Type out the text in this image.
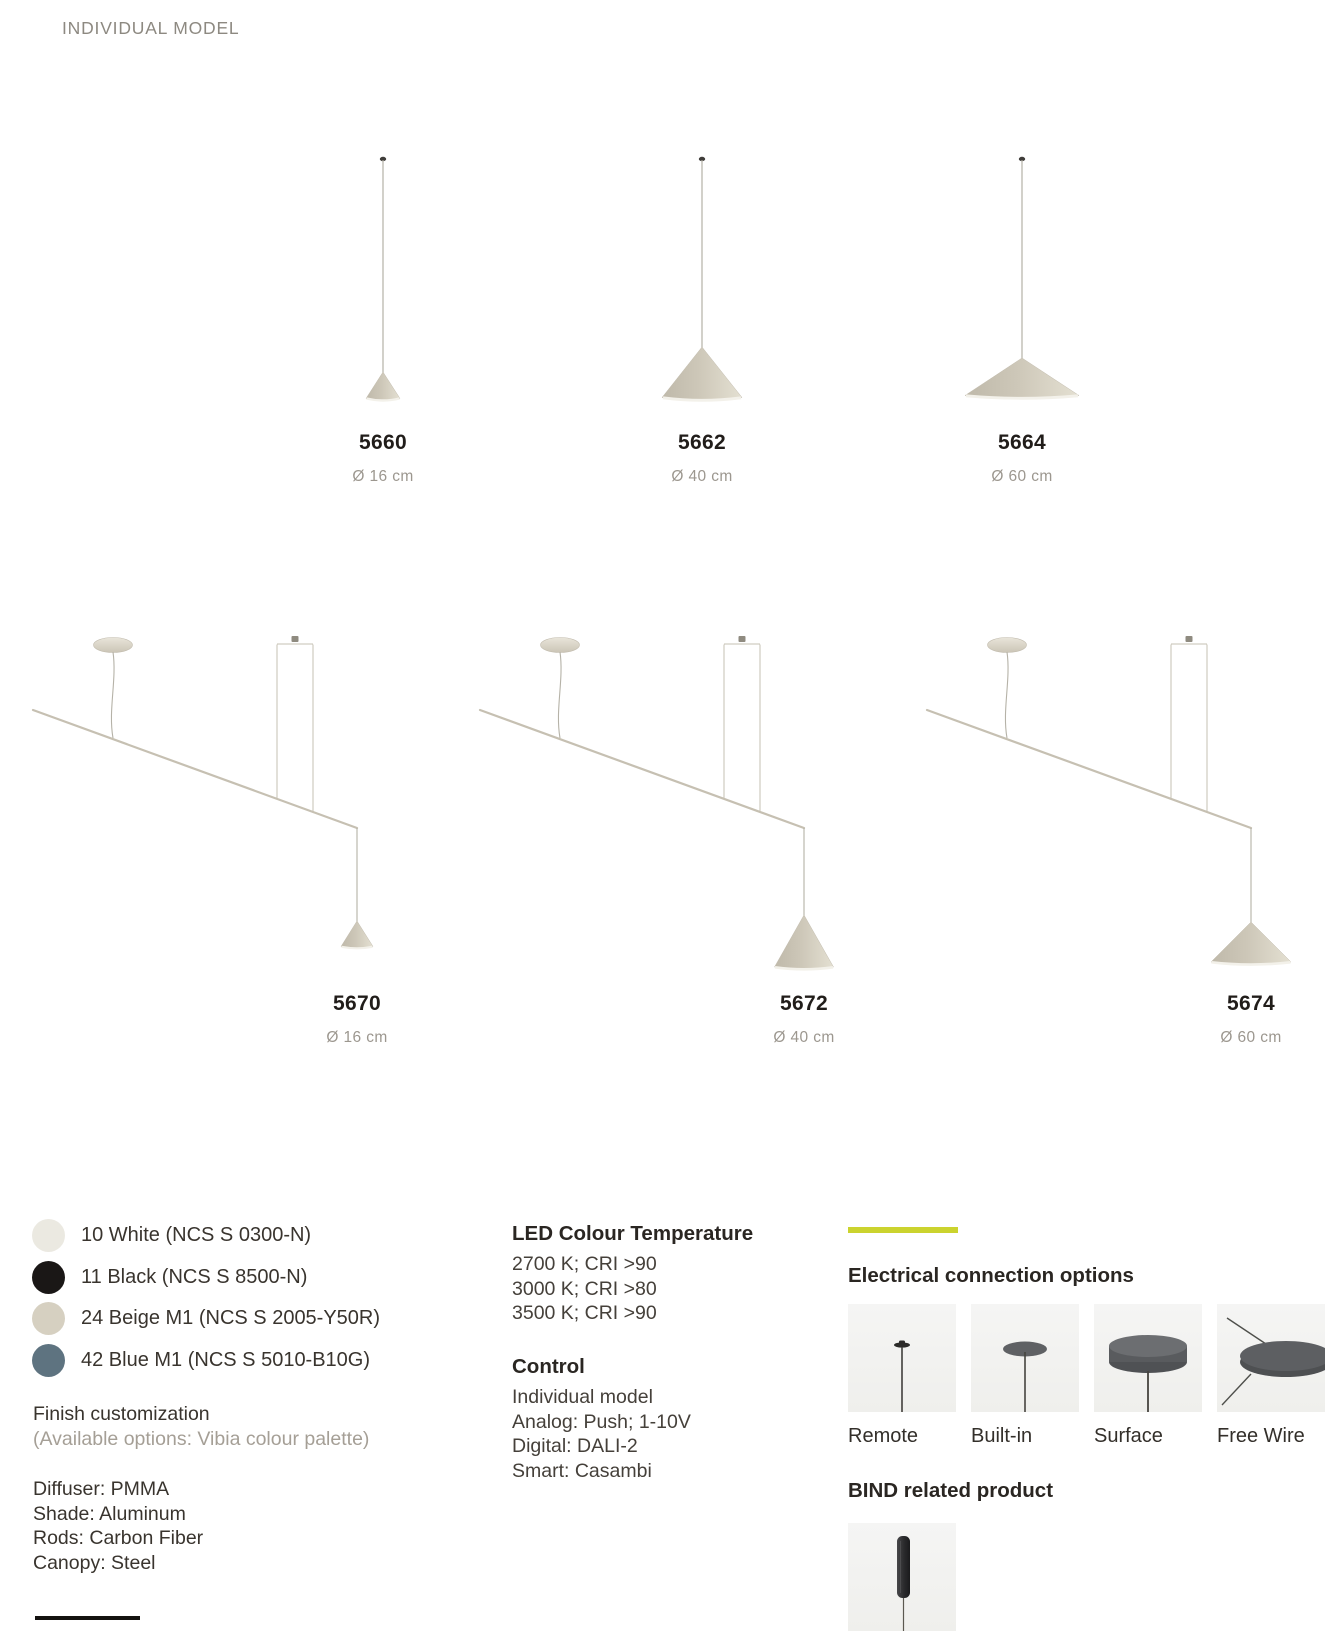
INDIVIDUAL MODEL
5660
Ø 16 cm
5662
Ø 40 cm
5664
Ø 60 cm
5670
Ø 16 cm
5672
Ø 40 cm
5674
Ø 60 cm
10 White (NCS S 0300-N)
11 Black (NCS S 8500-N)
24 Beige M1 (NCS S 2005-Y50R)
42 Blue M1 (NCS S 5010-B10G)
Finish customization
(Available options: Vibia colour palette)
Diffuser: PMMA
Shade: Aluminum
Rods: Carbon Fiber
Canopy: Steel
LED Colour Temperature
2700 K; CRI >90
3000 K; CRI >80
3500 K; CRI >90
Control
Individual model
Analog: Push; 1-10V
Digital: DALI-2
Smart: Casambi
Electrical connection options
Remote	Built-in	Surface	Free Wire
BIND related product
